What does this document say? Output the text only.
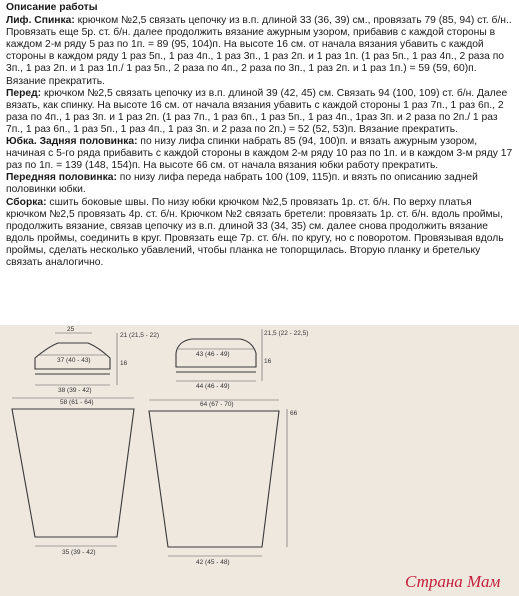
Описание работы

Лиф. Спинка: крючком №2,5 связать цепочку из в.п. длиной 33 (36, 39) см., провязать 79 (85, 94) ст. б/н.. Провязать еще 5р. ст. б/н. далее продолжить вязание ажурным узором, прибавив с каждой стороны в каждом 2-м ряду 5 раз по 1п. = 89 (95, 104)п. На высоте 16 см. от начала вязания убавить с каждой стороны в каждом ряду 1 раз 5п., 1 раз 4п., 1 раз 3п., 1 раз 2п. и 1 раз 1п. (1 раз 5п., 1 раз 4п., 2 раза по 3п., 1 раз 2п. и 1 раз 1п./ 1 раз 5п., 2 раза по 4п., 2 раза по 3п., 1 раз 2п. и 1 раз 1п.) = 59 (59, 60)п. Вязание прекратить.

Перед: крючком №2,5 связать цепочку из в.п. длиной 39 (42, 45) см. Связать 94 (100, 109) ст. б/н. Далее вязать, как спинку. На высоте 16 см. от начала вязания убавить с каждой стороны 1 раз 7п., 1 раз 6п., 2 раза по 4п., 1 раз 3п. и 1 раз 2п. (1 раз 7п., 1 раз 6п., 1 раз 5п., 1 раз 4п., 1раз 3п. и 2 раза по 2п./ 1 раз 7п., 1 раз 6п., 1 раз 5п., 1 раз 4п., 1 раз 3п. и 2 раза по 2п.) = 52 (52, 53)п. Вязание прекратить.

Юбка. Задняя половинка: по низу лифа спинки набрать 85 (94, 100)п. и вязать ажурным узором, начиная с 5-го ряда прибавить с каждой стороны в каждом 2-м ряду 10 раз по 1п. и в каждом 3-м ряду 17 раз по 1п. = 139 (148, 154)п. На высоте 66 см. от начала вязания юбки работу прекратить.

Передняя половинка: по низу лифа переда набрать 100 (109, 115)п. и вязть по описанию задней половинки юбки.

Сборка: сшить боковые швы. По низу юбки крючком №2,5 провязать 1р. ст. б/н. По верху платья крючком №2,5 провязать 4р. ст. б/н. Крючком №2 связать бретели: провязать 1р. ст. б/н. вдоль проймы, продолжить вязание, связав цепочку из в.п. длиной 33 (34, 35) см. далее снова продолжить вязание вдоль проймы, соединить в круг. Провязать еще 7р. ст. б/н. по кругу, но с поворотом. Провязывая вдоль проймы, сделать несколько убавлений, чтобы планка не топорщилась. Вторую планку и бретельку связать аналогично.

25
37 (40 - 43)
38 (39 - 42)
21 (21,5 - 22)
16
43 (46 - 49)
44 (46 - 49)
21,5 (22 - 22,5)
16
58 (61 - 64)
35 (39 - 42)
64 (67 - 70)
42 (45 - 48)
66
Страна Мам
